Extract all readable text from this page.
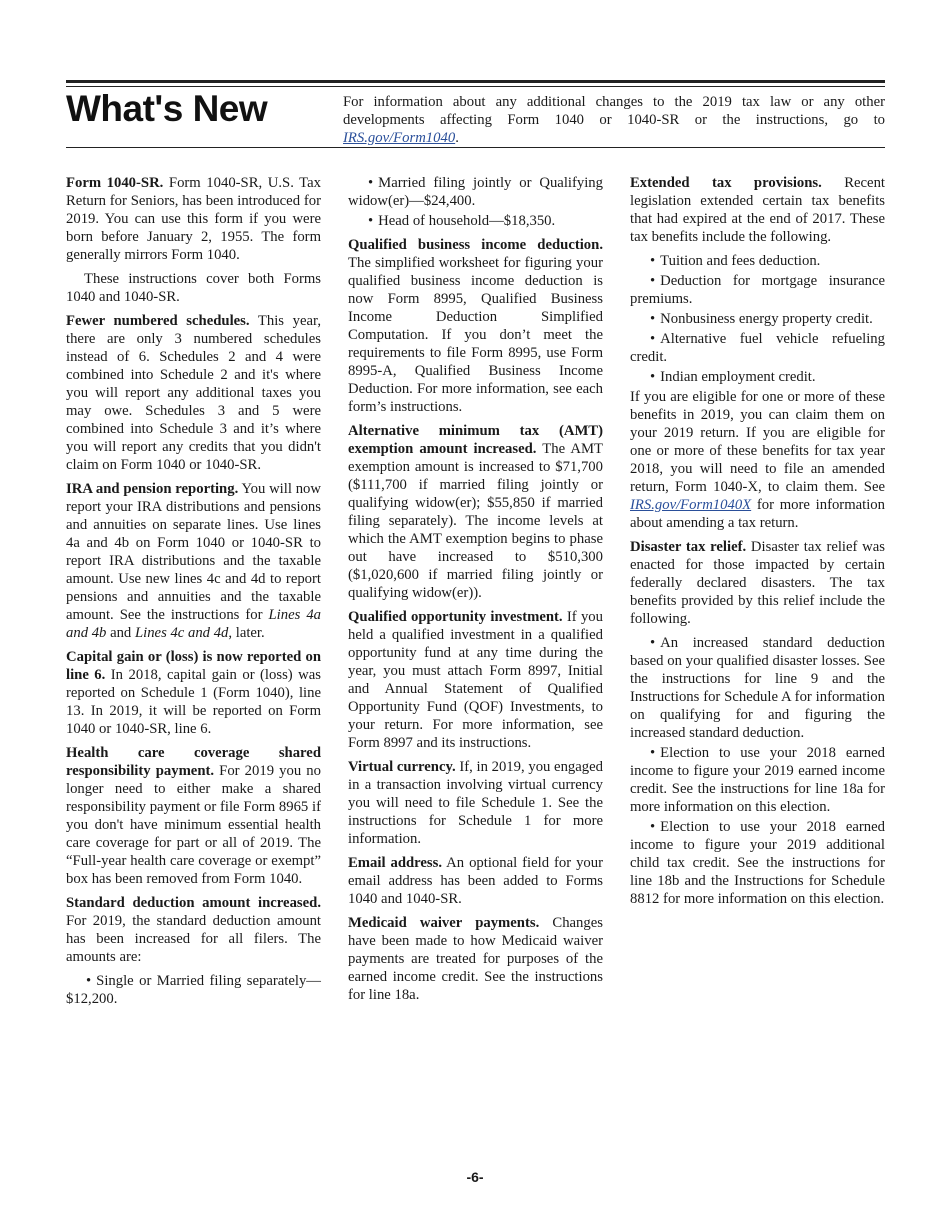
What's New	For information about any additional changes to the 2019 tax law or any other developments affecting Form 1040 or 1040-SR or the instructions, go to IRS.gov/Form1040.

Form 1040-SR. Form 1040-SR, U.S. Tax Return for Seniors, has been introduced for 2019. You can use this form if you were born before January 2, 1955. The form generally mirrors Form 1040.

These instructions cover both Forms 1040 and 1040-SR.

Fewer numbered schedules. This year, there are only 3 numbered schedules instead of 6. Schedules 2 and 4 were combined into Schedule 2 and it's where you will report any additional taxes you may owe. Schedules 3 and 5 were combined into Schedule 3 and it’s where you will report any credits that you didn't claim on Form 1040 or 1040-SR.

IRA and pension reporting. You will now report your IRA distributions and pensions and annuities on separate lines. Use lines 4a and 4b on Form 1040 or 1040-SR to report IRA distributions and the taxable amount. Use new lines 4c and 4d to report pensions and annuities and the taxable amount. See the instructions for Lines 4a and 4b and Lines 4c and 4d, later.

Capital gain or (loss) is now reported on line 6. In 2018, capital gain or (loss) was reported on Schedule 1 (Form 1040), line 13. In 2019, it will be reported on Form 1040 or 1040-SR, line 6.

Health care coverage shared responsibility payment. For 2019 you no longer need to either make a shared responsibility payment or file Form 8965 if you don't have minimum essential health care coverage for part or all of 2019. The “Full-year health care coverage or exempt” box has been removed from Form 1040.

Standard deduction amount increased. For 2019, the standard deduction amount has been increased for all filers. The amounts are:

• Single or Married filing separately—$12,200.

• Married filing jointly or Qualifying widow(er)—$24,400.

• Head of household—$18,350.

Qualified business income deduction. The simplified worksheet for figuring your qualified business income deduction is now Form 8995, Qualified Business Income Deduction Simplified Computation. If you don’t meet the requirements to file Form 8995, use Form 8995-A, Qualified Business Income Deduction. For more information, see each form’s instructions.

Alternative minimum tax (AMT) exemption amount increased. The AMT exemption amount is increased to $71,700 ($111,700 if married filing jointly or qualifying widow(er); $55,850 if married filing separately). The income levels at which the AMT exemption begins to phase out have increased to $510,300 ($1,020,600 if married filing jointly or qualifying widow(er)).

Qualified opportunity investment. If you held a qualified investment in a qualified opportunity fund at any time during the year, you must attach Form 8997, Initial and Annual Statement of Qualified Opportunity Fund (QOF) Investments, to your return. For more information, see Form 8997 and its instructions.

Virtual currency. If, in 2019, you engaged in a transaction involving virtual currency you will need to file Schedule 1. See the instructions for Schedule 1 for more information.

Email address. An optional field for your email address has been added to Forms 1040 and 1040-SR.

Medicaid waiver payments. Changes have been made to how Medicaid waiver payments are treated for purposes of the earned income credit. See the instructions for line 18a.

Extended tax provisions. Recent legislation extended certain tax benefits that had expired at the end of 2017. These tax benefits include the following.

• Tuition and fees deduction.

• Deduction for mortgage insurance premiums.

• Nonbusiness energy property credit.

• Alternative fuel vehicle refueling credit.

• Indian employment credit.

If you are eligible for one or more of these benefits in 2019, you can claim them on your 2019 return. If you are eligible for one or more of these benefits for tax year 2018, you will need to file an amended return, Form 1040-X, to claim them. See IRS.gov/Form1040X for more information about amending a tax return.

Disaster tax relief. Disaster tax relief was enacted for those impacted by certain federally declared disasters. The tax benefits provided by this relief include the following.

• An increased standard deduction based on your qualified disaster losses. See the instructions for line 9 and the Instructions for Schedule A for information on qualifying for and figuring the increased standard deduction.

• Election to use your 2018 earned income to figure your 2019 earned income credit. See the instructions for line 18a for more information on this election.

• Election to use your 2018 earned income to figure your 2019 additional child tax credit. See the instructions for line 18b and the Instructions for Schedule 8812 for more information on this election.

-6-
